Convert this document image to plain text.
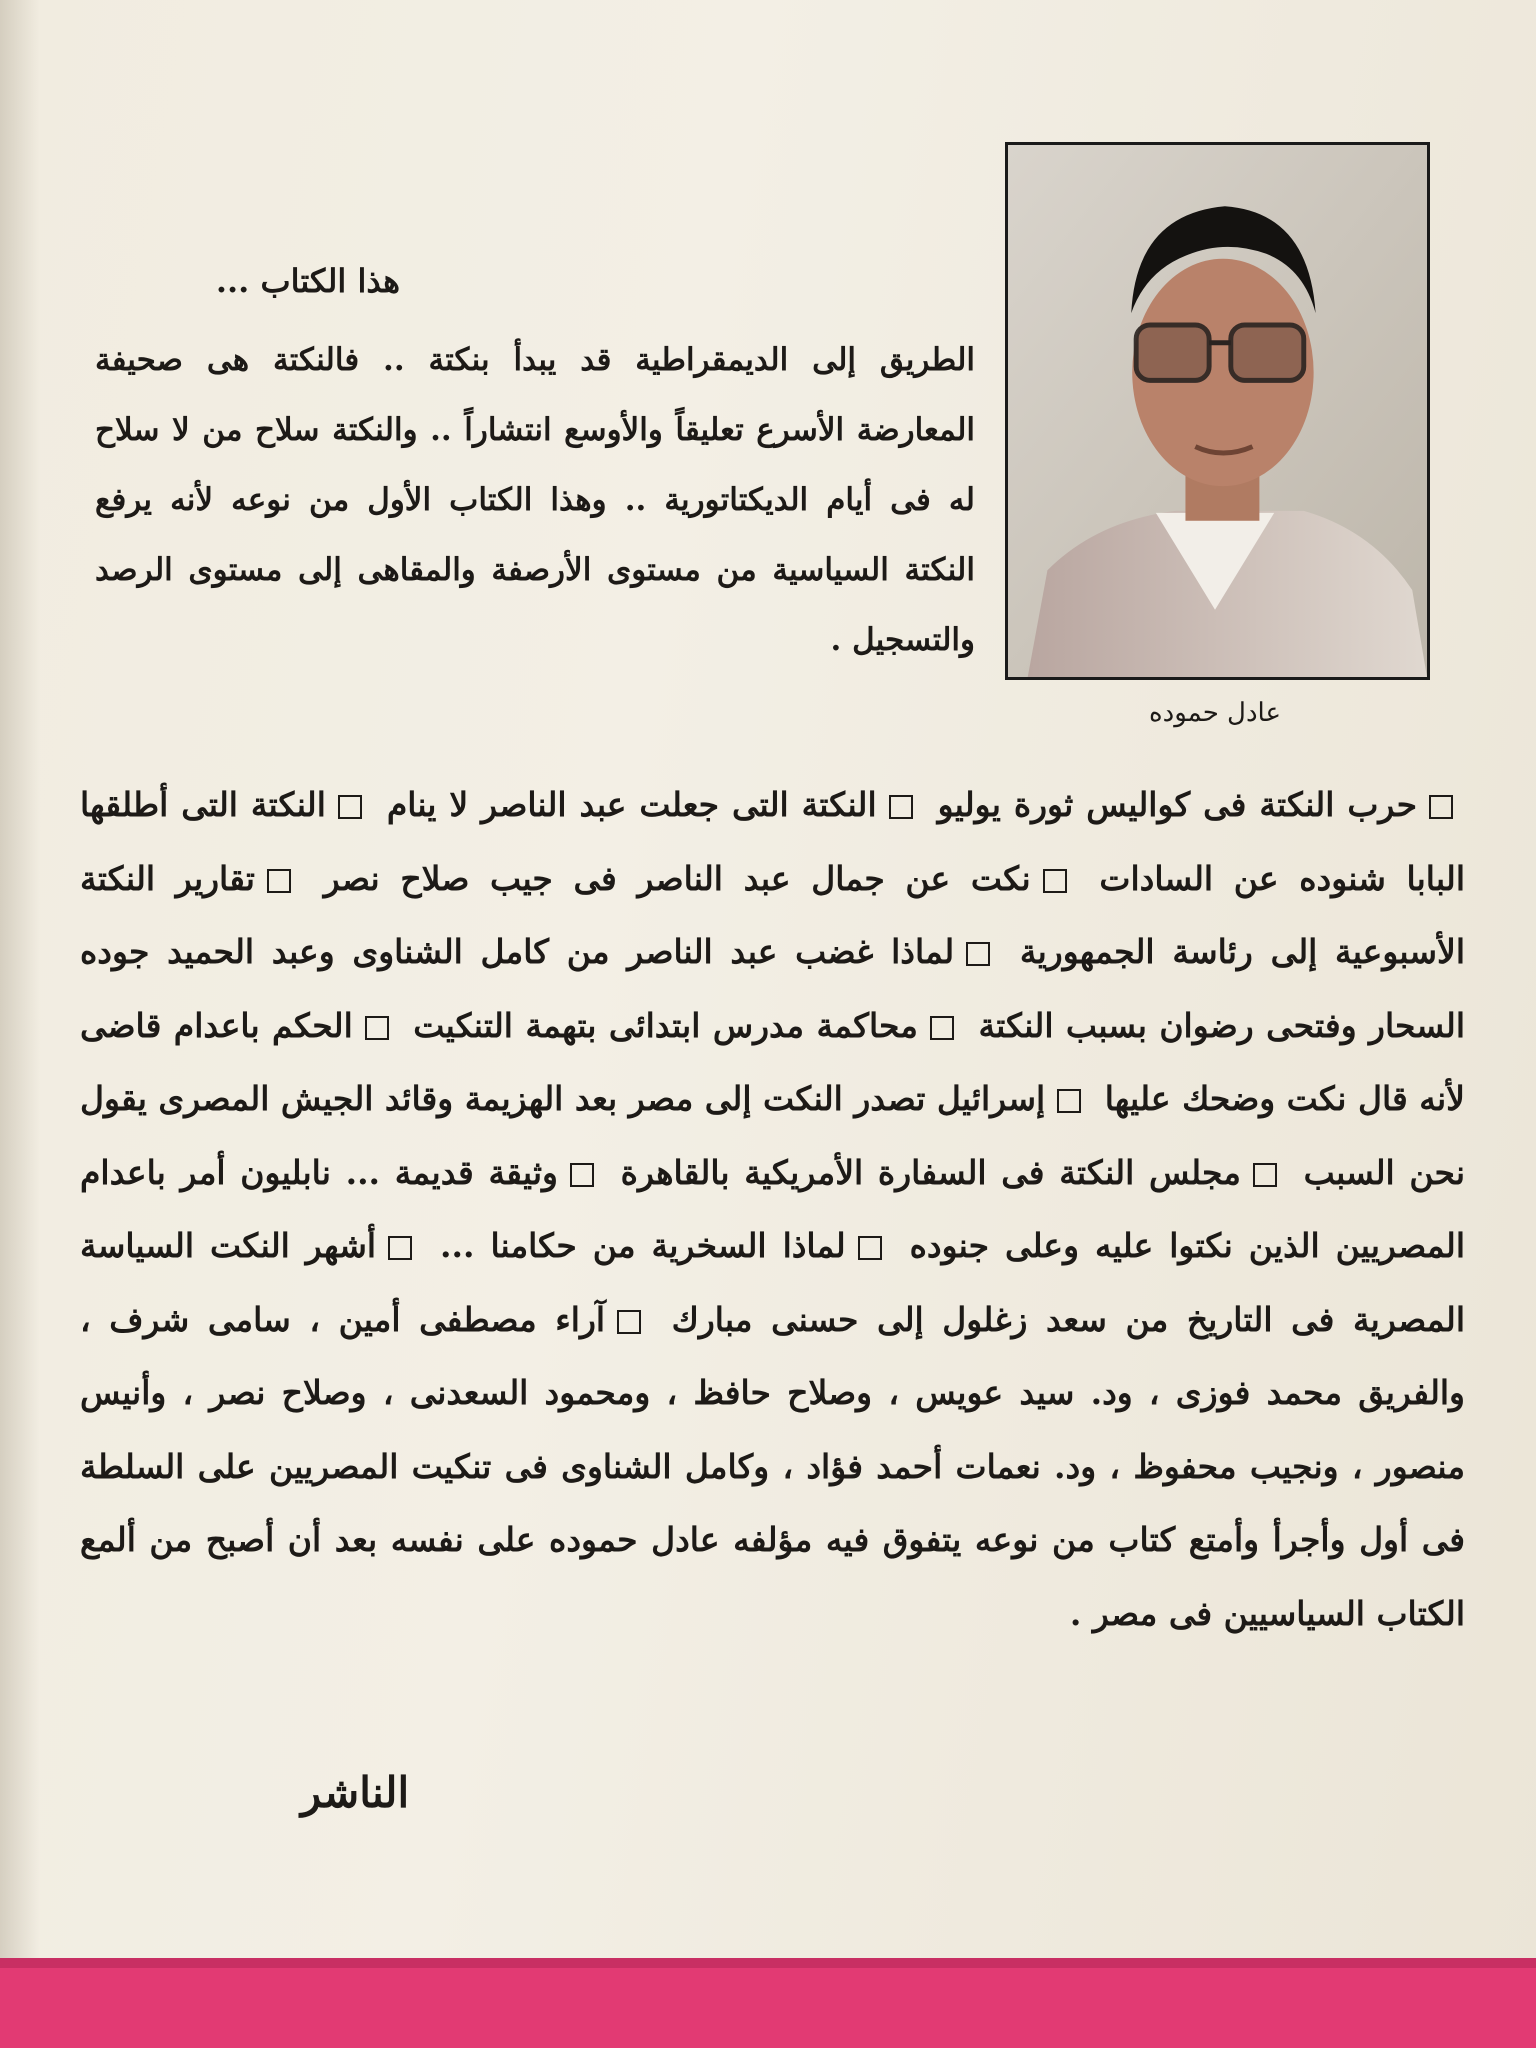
عادل حموده
هذا الكتاب ...
الطريق إلى الديمقراطية قد يبدأ بنكتة .. فالنكتة هى صحيفة المعارضة الأسرع تعليقاً والأوسع انتشاراً .. والنكتة سلاح من لا سلاح له فى أيام الديكتاتورية .. وهذا الكتاب الأول من نوعه لأنه يرفع النكتة السياسية من مستوى الأرصفة والمقاهى إلى مستوى الرصد والتسجيل .
حرب النكتة فى كواليس ثورة يوليو النكتة التى جعلت عبد الناصر لا ينام النكتة التى أطلقها البابا شنوده عن السادات نكت عن جمال عبد الناصر فى جيب صلاح نصر تقارير النكتة الأسبوعية إلى رئاسة الجمهورية لماذا غضب عبد الناصر من كامل الشناوى وعبد الحميد جوده السحار وفتحى رضوان بسبب النكتة محاكمة مدرس ابتدائى بتهمة التنكيت الحكم باعدام قاضى لأنه قال نكت وضحك عليها إسرائيل تصدر النكت إلى مصر بعد الهزيمة وقائد الجيش المصرى يقول نحن السبب مجلس النكتة فى السفارة الأمريكية بالقاهرة وثيقة قديمة ... نابليون أمر باعدام المصريين الذين نكتوا عليه وعلى جنوده لماذا السخرية من حكامنا ... أشهر النكت السياسة المصرية فى التاريخ من سعد زغلول إلى حسنى مبارك آراء مصطفى أمين ، سامى شرف ، والفريق محمد فوزى ، ود. سيد عويس ، وصلاح حافظ ، ومحمود السعدنى ، وصلاح نصر ، وأنيس منصور ، ونجيب محفوظ ، ود. نعمات أحمد فؤاد ، وكامل الشناوى فى تنكيت المصريين على السلطة فى أول وأجرأ وأمتع كتاب من نوعه يتفوق فيه مؤلفه عادل حموده على نفسه بعد أن أصبح من ألمع الكتاب السياسيين فى مصر .
الناشر
